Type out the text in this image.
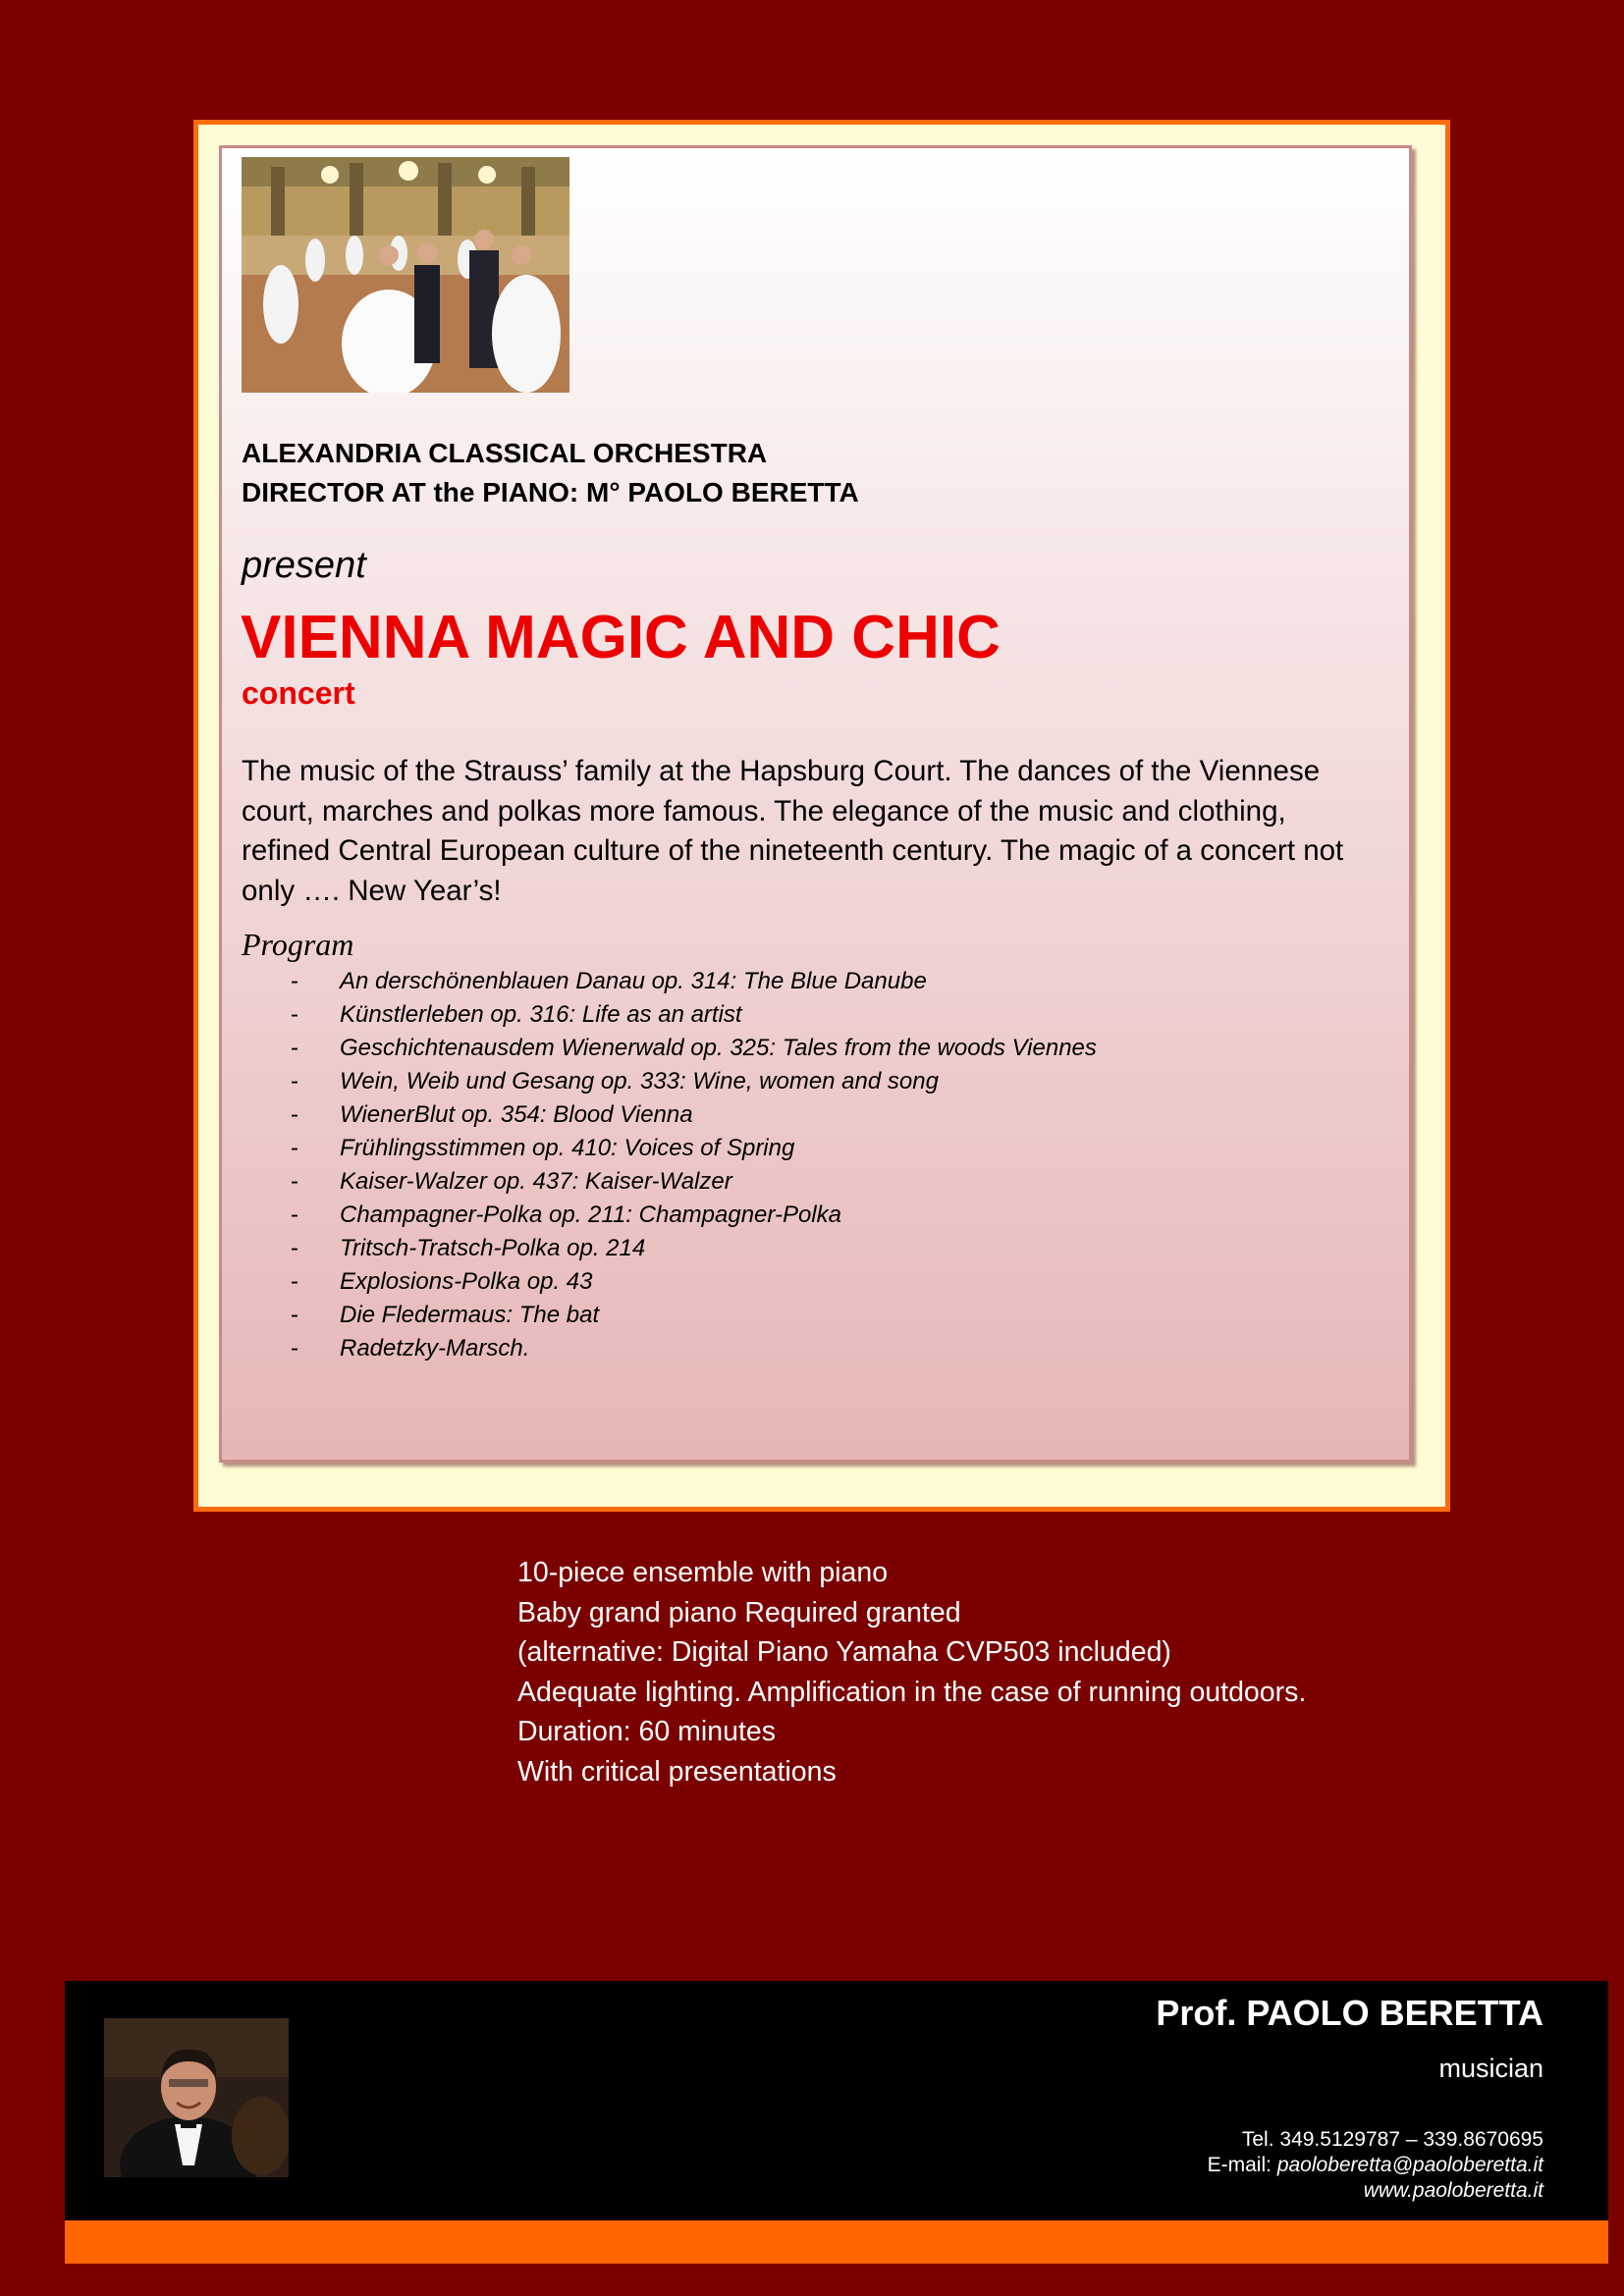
ALEXANDRIA CLASSICAL ORCHESTRA
DIRECTOR AT the PIANO: M° PAOLO BERETTA
present
VIENNA MAGIC AND CHIC
concert

The music of the Strauss’ family at the Hapsburg Court. The dances of the Viennese court, marches and polkas more famous. The elegance of the music and clothing, refined Central European culture of the nineteenth century. The magic of a concert not only …. New Year’s!

Program
- An derschönenblauen Danau op. 314: The Blue Danube
- Künstlerleben op. 316: Life as an artist
- Geschichtenausdem Wienerwald op. 325: Tales from the woods Viennes
- Wein, Weib und Gesang op. 333: Wine, women and song
- WienerBlut op. 354: Blood Vienna
- Frühlingsstimmen op. 410: Voices of Spring
- Kaiser-Walzer op. 437: Kaiser-Walzer
- Champagner-Polka op. 211: Champagner-Polka
- Tritsch-Tratsch-Polka op. 214
- Explosions-Polka op. 43
- Die Fledermaus: The bat
- Radetzky-Marsch.
10-piece ensemble with piano
Baby grand piano Required granted
(alternative: Digital Piano Yamaha CVP503 included)
Adequate lighting. Amplification in the case of running outdoors.
Duration: 60 minutes
With critical presentations
Prof. PAOLO BERETTA
musician
Tel. 349.5129787 – 339.8670695
E-mail: paoloberetta@paoloberetta.it
www.paoloberetta.it
